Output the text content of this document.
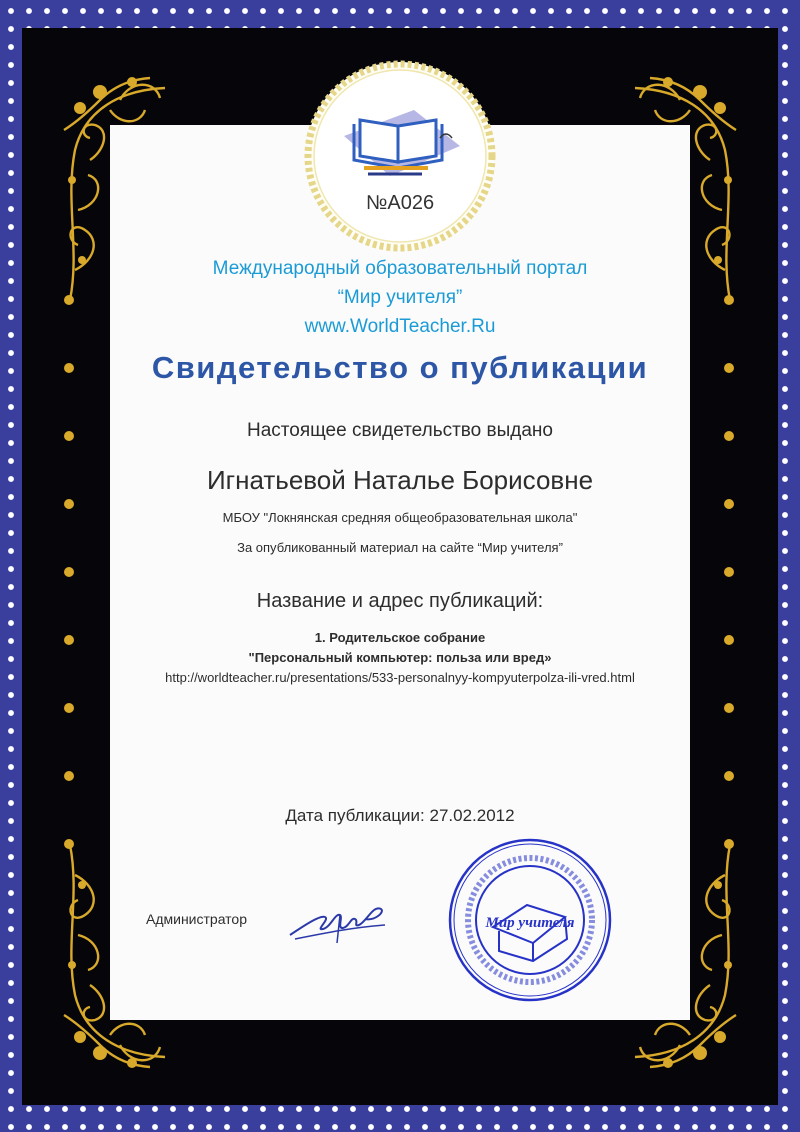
№A026

Международный образовательный портал

“Мир учителя”

www.WorldTeacher.Ru

Свидетельство о публикации

Настоящее свидетельство выдано

Игнатьевой Наталье Борисовне

МБОУ "Локнянская средняя общеобразовательная школа"

За опубликованный материал на сайте “Мир учителя”

Название и адрес публикаций:

1. Родительское собрание

"Персональный компьютер: польза или вред»

http://worldteacher.ru/presentations/533-personalnyy-kompyuterpolza-ili-vred.html

Дата публикации: 27.02.2012

Администратор	Мир учителя
